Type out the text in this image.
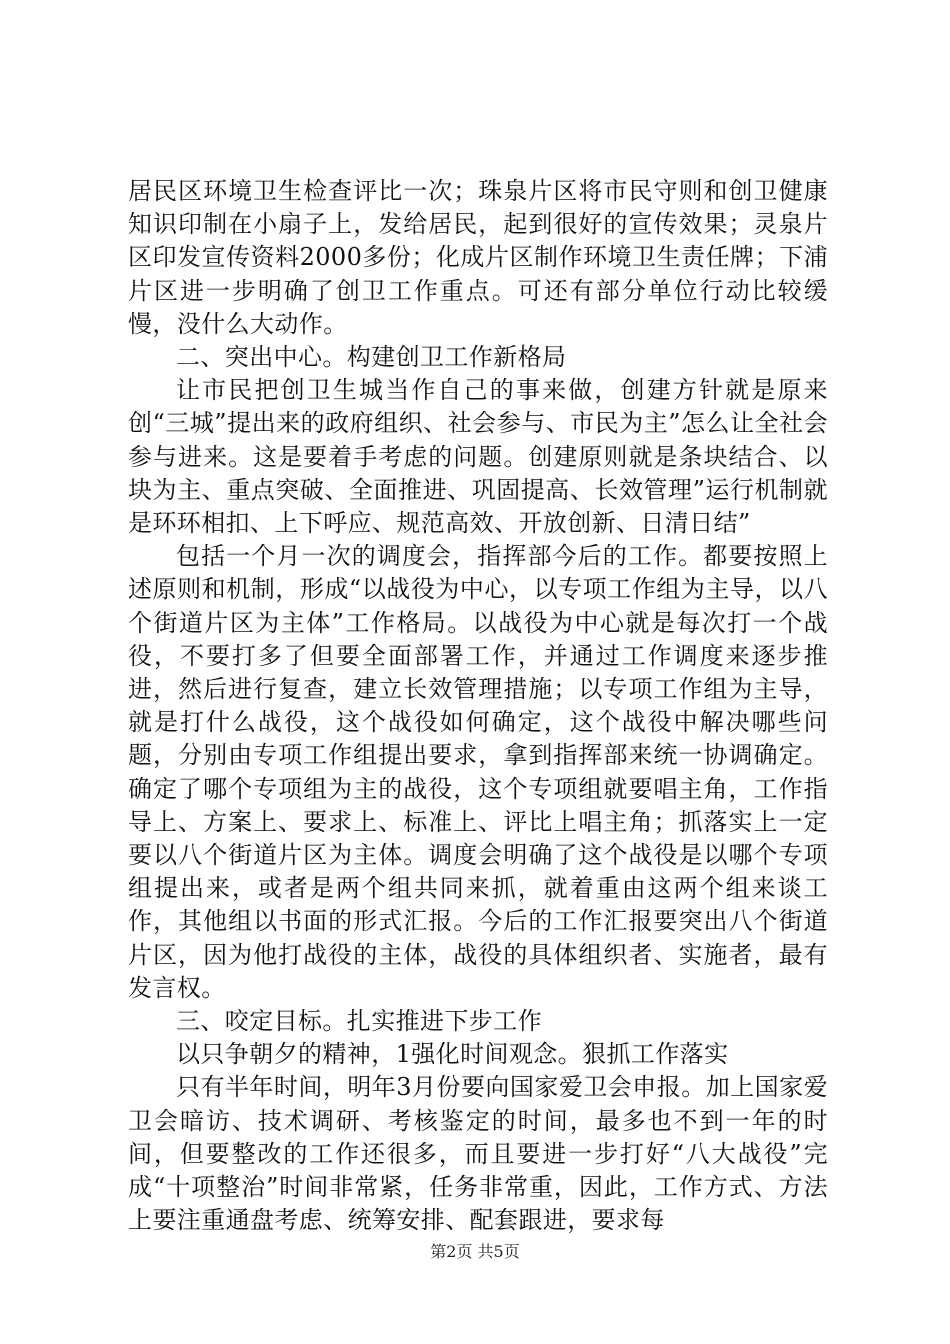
居民区环境卫生检查评比一次；珠泉片区将市民守则和创卫健康知识印制在小扇子上，发给居民，起到很好的宣传效果；灵泉片区印发宣传资料2000多份；化成片区制作环境卫生责任牌；下浦片区进一步明确了创卫工作重点。可还有部分单位行动比较缓慢，没什么大动作。

二、突出中心。构建创卫工作新格局

让市民把创卫生城当作自己的事来做，创建方针就是原来创“三城”提出来的政府组织、社会参与、市民为主”怎么让全社会参与进来。这是要着手考虑的问题。创建原则就是条块结合、以块为主、重点突破、全面推进、巩固提高、长效管理”运行机制就是环环相扣、上下呼应、规范高效、开放创新、日清日结”

包括一个月一次的调度会，指挥部今后的工作。都要按照上述原则和机制，形成“以战役为中心，以专项工作组为主导，以八个街道片区为主体”工作格局。以战役为中心就是每次打一个战役，不要打多了但要全面部署工作，并通过工作调度来逐步推进，然后进行复查，建立长效管理措施；以专项工作组为主导，就是打什么战役，这个战役如何确定，这个战役中解决哪些问题，分别由专项工作组提出要求，拿到指挥部来统一协调确定。确定了哪个专项组为主的战役，这个专项组就要唱主角，工作指导上、方案上、要求上、标准上、评比上唱主角；抓落实上一定要以八个街道片区为主体。调度会明确了这个战役是以哪个专项组提出来，或者是两个组共同来抓，就着重由这两个组来谈工作，其他组以书面的形式汇报。今后的工作汇报要突出八个街道片区，因为他打战役的主体，战役的具体组织者、实施者，最有发言权。

三、咬定目标。扎实推进下步工作

以只争朝夕的精神，1强化时间观念。狠抓工作落实

只有半年时间，明年3月份要向国家爱卫会申报。加上国家爱卫会暗访、技术调研、考核鉴定的时间，最多也不到一年的时间，但要整改的工作还很多，而且要进一步打好“八大战役”完成“十项整治”时间非常紧，任务非常重，因此，工作方式、方法上要注重通盘考虑、统筹安排、配套跟进，要求每

第2页 共5页
